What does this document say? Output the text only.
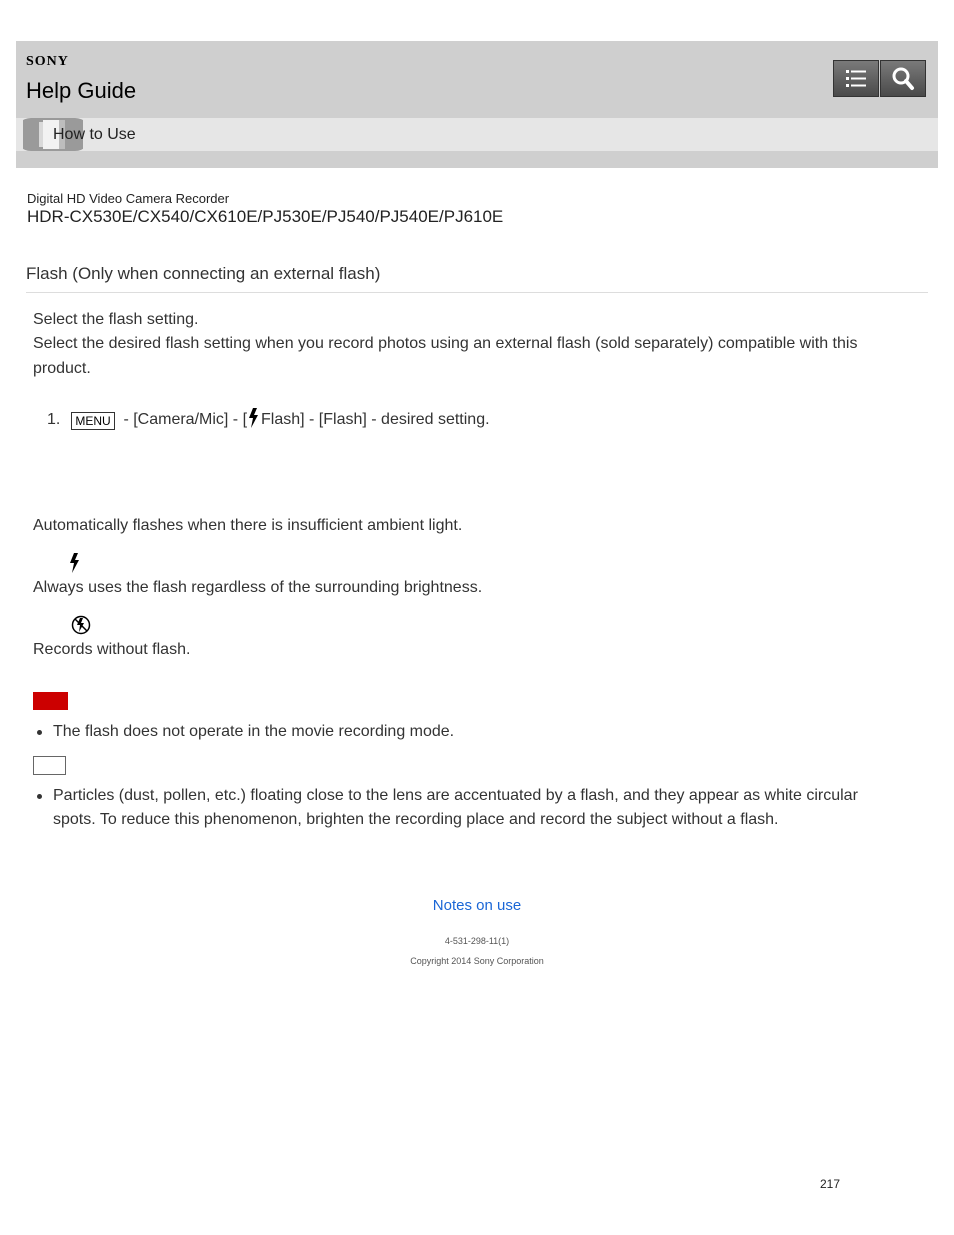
SONY
Help Guide
How to Use
Digital HD Video Camera Recorder
HDR-CX530E/CX540/CX610E/PJ530E/PJ540/PJ540E/PJ610E
Flash (Only when connecting an external flash)
Select the flash setting.
Select the desired flash setting when you record photos using an external flash (sold separately) compatible with this product.
1. MENU - [Camera/Mic] - [ Flash] - [Flash] - desired setting.
Automatically flashes when there is insufficient ambient light.
Always uses the flash regardless of the surrounding brightness.
Records without flash.
The flash does not operate in the movie recording mode.
Particles (dust, pollen, etc.) floating close to the lens are accentuated by a flash, and they appear as white circular spots. To reduce this phenomenon, brighten the recording place and record the subject without a flash.
Notes on use
4-531-298-11(1)
Copyright 2014 Sony Corporation
217
